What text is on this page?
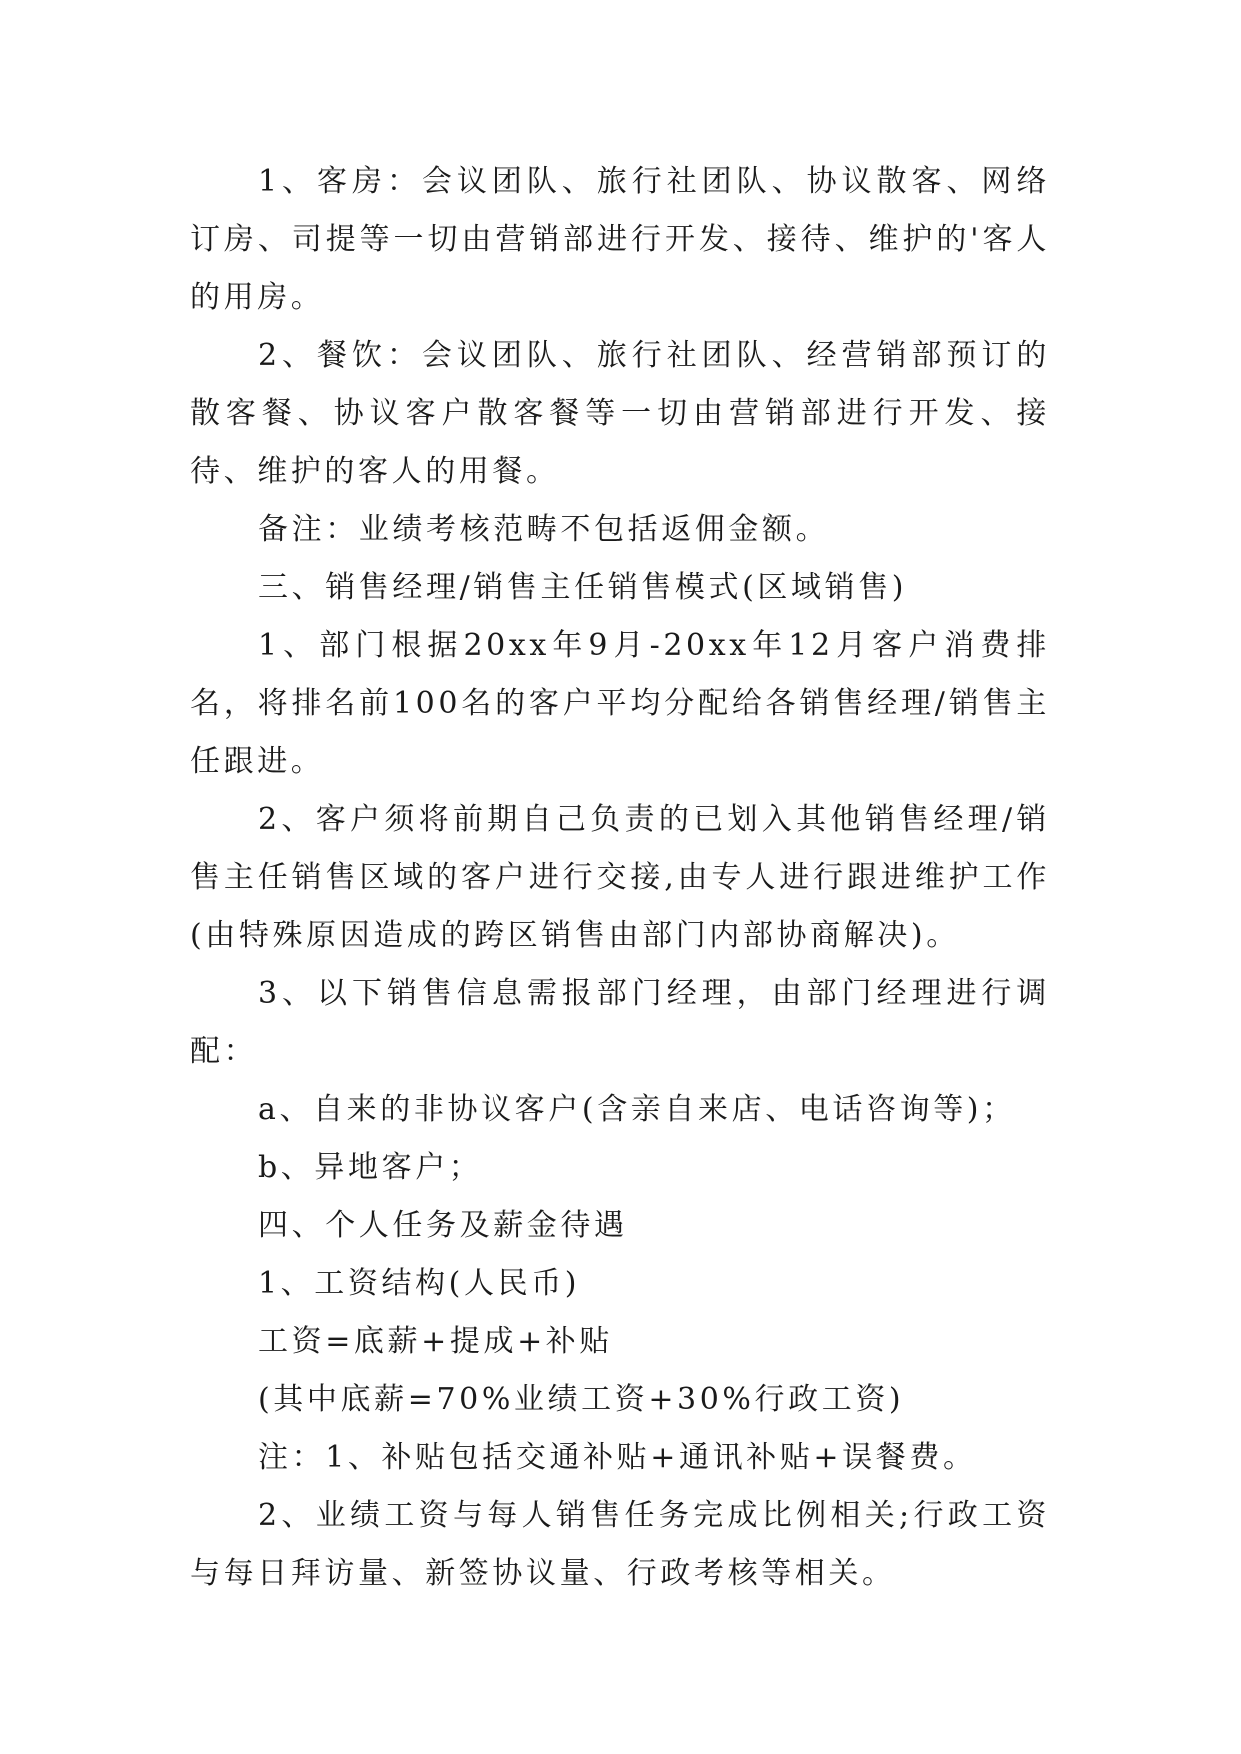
1、客房：会议团队、旅行社团队、协议散客、网络订房、司提等一切由营销部进行开发、接待、维护的'客人的用房。

2、餐饮：会议团队、旅行社团队、经营销部预订的散客餐、协议客户散客餐等一切由营销部进行开发、接待、维护的客人的用餐。

备注：业绩考核范畴不包括返佣金额。

三、销售经理/销售主任销售模式(区域销售)

1、部门根据20xx年9月-20xx年12月客户消费排名，将排名前100名的客户平均分配给各销售经理/销售主任跟进。

2、客户须将前期自己负责的已划入其他销售经理/销售主任销售区域的客户进行交接,由专人进行跟进维护工作(由特殊原因造成的跨区销售由部门内部协商解决)。

3、以下销售信息需报部门经理，由部门经理进行调配：

a、自来的非协议客户(含亲自来店、电话咨询等)；

b、异地客户；

四、个人任务及薪金待遇

1、工资结构(人民币)

工资=底薪+提成+补贴

(其中底薪=70%业绩工资+30%行政工资)

注：1、补贴包括交通补贴+通讯补贴+误餐费。

2、业绩工资与每人销售任务完成比例相关;行政工资与每日拜访量、新签协议量、行政考核等相关。
